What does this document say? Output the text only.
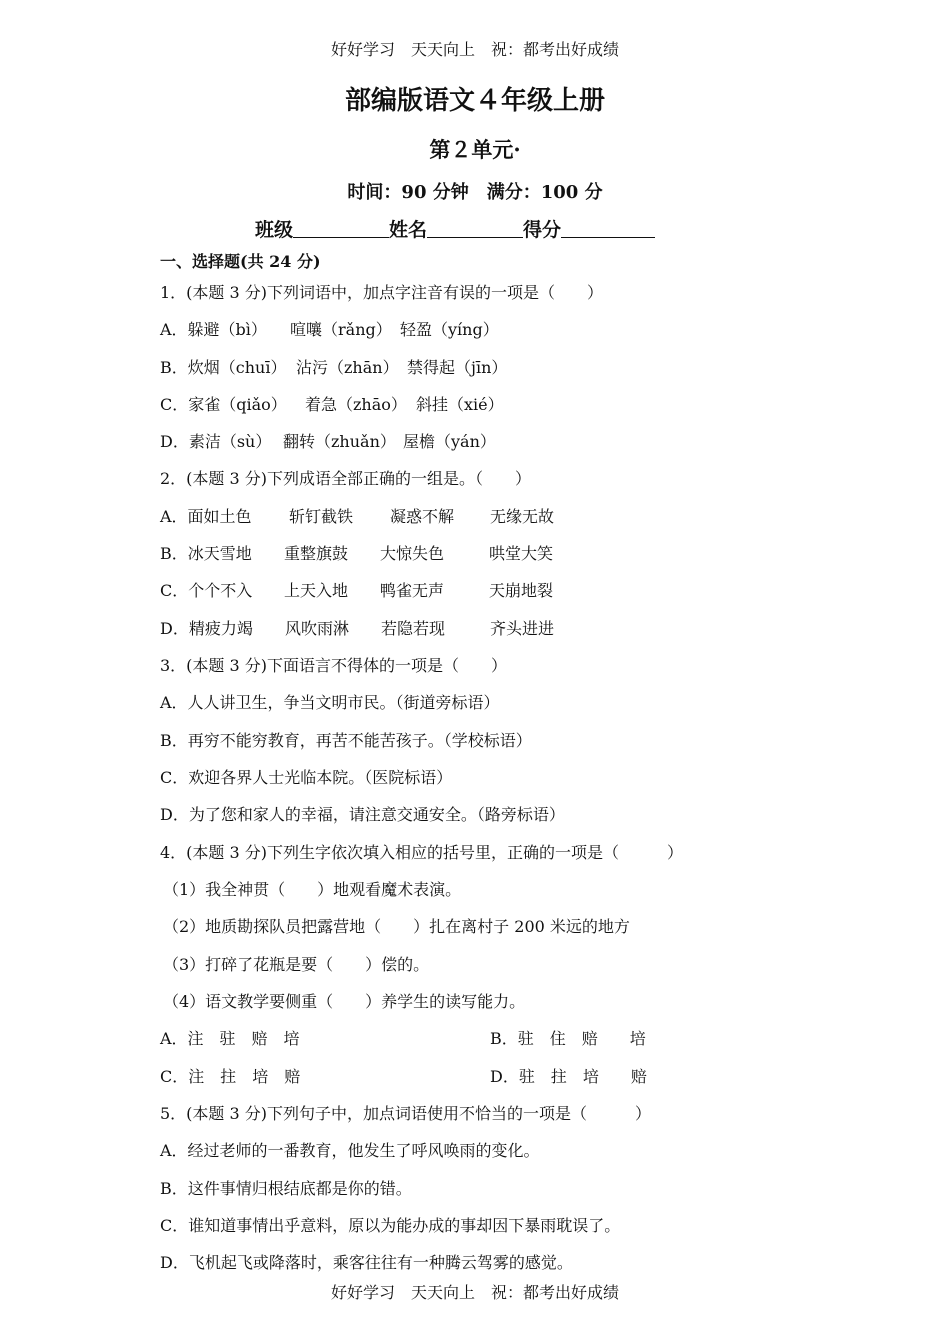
好好学习　天天向上　祝：都考出好成绩
部编版语文４年级上册
第２单元·
时间：90 分钟　满分：100 分
班级	姓名	得分
一、选择题(共 24 分)
1．(本题 3 分)下列词语中，加点字注音有误的一项是（　　）
A．躲避（bì） 喧嚷（rǎng） 轻盈（yíng）
B．炊烟（chuī） 沾污（zhān） 禁得起（jīn）
C．家雀（qiǎo） 着急（zhāo） 斜挂（xié）
D．素洁（sù） 翻转（zhuǎn） 屋檐（yán）
2．(本题 3 分)下列成语全部正确的一组是。（　　）
A．面如土色 斩钉截铁 凝惑不解 无缘无故
B．冰天雪地 重整旗鼓 大惊失色	哄堂大笑
C．个个不入 上天入地 鸭雀无声	天崩地裂
D．精疲力竭 风吹雨淋 若隐若现	齐头进进
3．(本题 3 分)下面语言不得体的一项是（　　）
A．人人讲卫生，争当文明市民。（街道旁标语）
B．再穷不能穷教育，再苦不能苦孩子。（学校标语）
C．欢迎各界人士光临本院。（医院标语）
D．为了您和家人的幸福，请注意交通安全。（路旁标语）
4．(本题 3 分)下列生字依次填入相应的括号里，正确的一项是（　　　）
（1）我全神贯（　　）地观看魔术表演。
（2）地质勘探队员把露营地（　　）扎在离村子 200 米远的地方
（3）打碎了花瓶是要（　　）偿的。
（4）语文教学要侧重（　　）养学生的读写能力。
A．注　驻　赔　培	B．驻　住　赔　　培
C．注　拄　培　赔	D．驻　拄　培　　赔
5．(本题 3 分)下列句子中，加点词语使用不恰当的一项是（　　　）
A．经过老师的一番教育，他发生了呼风唤雨的变化。
B．这件事情归根结底都是你的错。
C．谁知道事情出乎意料，原以为能办成的事却因下暴雨耽误了。
D．飞机起飞或降落时，乘客往往有一种腾云驾雾的感觉。
好好学习　天天向上　祝：都考出好成绩
